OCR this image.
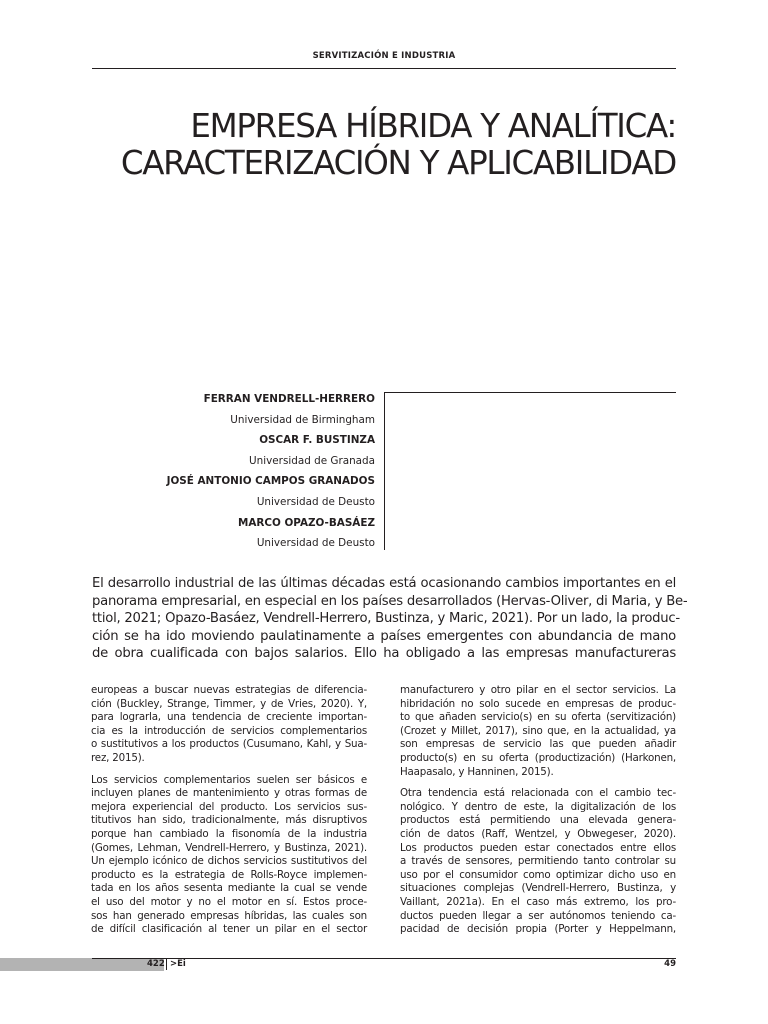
SERVITIZACIÓN E INDUSTRIA
EMPRESA HÍBRIDA Y ANALÍTICA:
CARACTERIZACIÓN Y APLICABILIDAD
FERRAN VENDRELL-HERRERO
Universidad de Birmingham
OSCAR F. BUSTINZA
Universidad de Granada
JOSÉ ANTONIO CAMPOS GRANADOS
Universidad de Deusto
MARCO OPAZO-BASÁEZ
Universidad de Deusto
El desarrollo industrial de las últimas décadas está ocasionando cambios importantes en el
panorama empresarial, en especial en los países desarrollados (Hervas-Oliver, di Maria, y Be-
ttiol, 2021; Opazo-Basáez, Vendrell-Herrero, Bustinza, y Maric, 2021). Por un lado, la produc-
ción se ha ido moviendo paulatinamente a países emergentes con abundancia de mano
de obra cualificada con bajos salarios. Ello ha obligado a las empresas manufactureras

europeas a buscar nuevas estrategias de diferencia-
ción (Buckley, Strange, Timmer, y de Vries, 2020). Y,
para lograrla, una tendencia de creciente importan-
cia es la introducción de servicios complementarios
o sustitutivos a los productos (Cusumano, Kahl, y Sua-
rez, 2015).

Los servicios complementarios suelen ser básicos e
incluyen planes de mantenimiento y otras formas de
mejora experiencial del producto. Los servicios sus-
titutivos han sido, tradicionalmente, más disruptivos
porque han cambiado la fisonomía de la industria
(Gomes, Lehman, Vendrell-Herrero, y Bustinza, 2021).
Un ejemplo icónico de dichos servicios sustitutivos del
producto es la estrategia de Rolls-Royce implemen-
tada en los años sesenta mediante la cual se vende
el uso del motor y no el motor en sí. Estos proce-
sos han generado empresas híbridas, las cuales son
de difícil clasificación al tener un pilar en el sector

manufacturero y otro pilar en el sector servicios. La
hibridación no solo sucede en empresas de produc-
to que añaden servicio(s) en su oferta (servitización)
(Crozet y Millet, 2017), sino que, en la actualidad, ya
son empresas de servicio las que pueden añadir
producto(s) en su oferta (productización) (Harkonen,
Haapasalo, y Hanninen, 2015).

Otra tendencia está relacionada con el cambio tec-
nológico. Y dentro de este, la digitalización de los
productos está permitiendo una elevada genera-
ción de datos (Raff, Wentzel, y Obwegeser, 2020).
Los productos pueden estar conectados entre ellos
a través de sensores, permitiendo tanto controlar su
uso por el consumidor como optimizar dicho uso en
situaciones complejas (Vendrell-Herrero, Bustinza, y
Vaillant, 2021a). En el caso más extremo, los pro-
ductos pueden llegar a ser autónomos teniendo ca-
pacidad de decisión propia (Porter y Heppelmann,

422 >Ei	49
